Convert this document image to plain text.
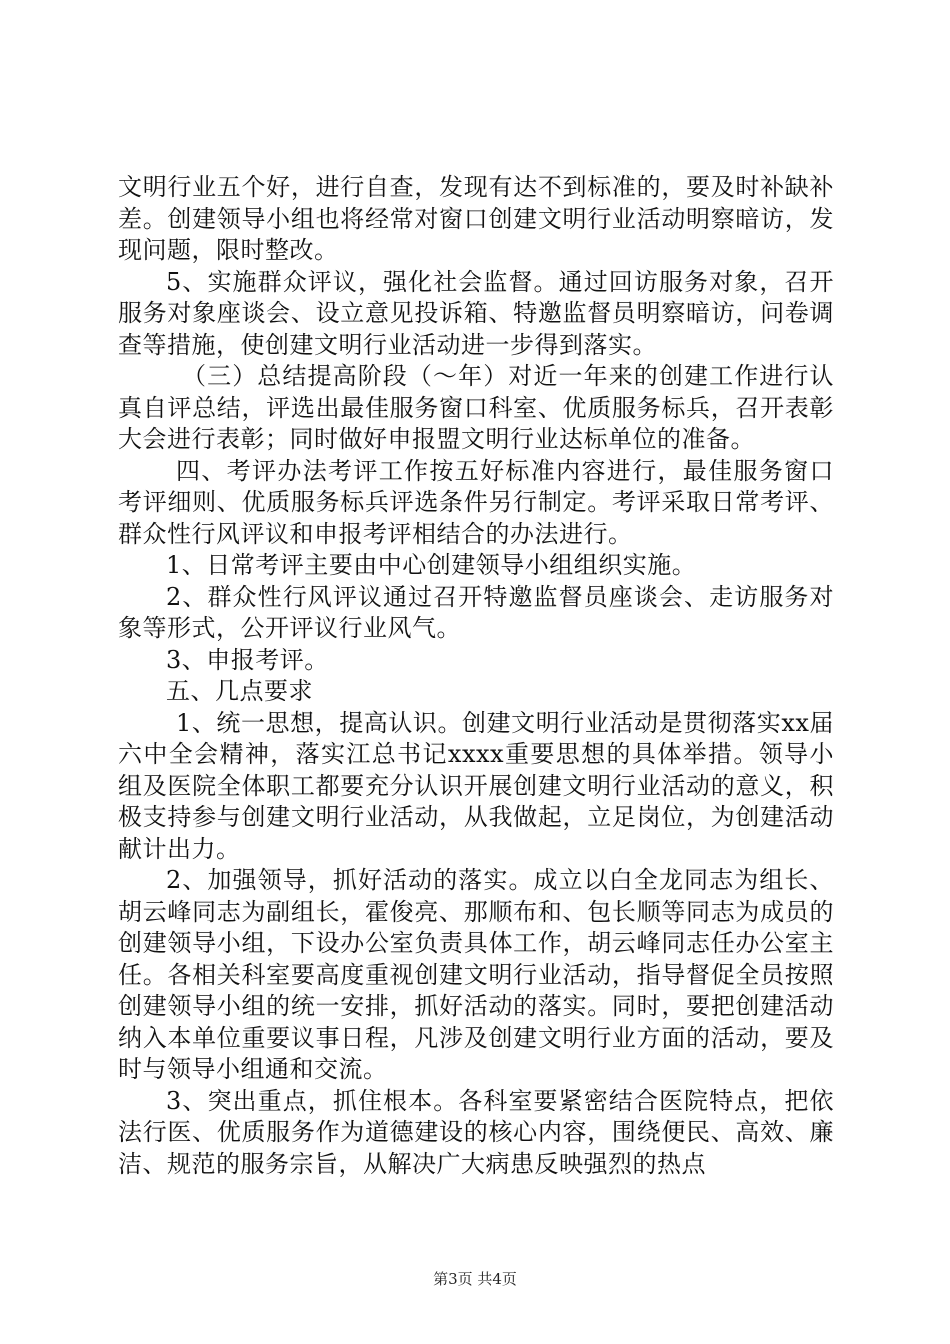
文明行业五个好，进行自查，发现有达不到标准的，要及时补缺补差。创建领导小组也将经常对窗口创建文明行业活动明察暗访，发现问题，限时整改。

5、实施群众评议，强化社会监督。通过回访服务对象，召开服务对象座谈会、设立意见投诉箱、特邀监督员明察暗访，问卷调查等措施，使创建文明行业活动进一步得到落实。

（三）总结提高阶段（～年）对近一年来的创建工作进行认真自评总结，评选出最佳服务窗口科室、优质服务标兵，召开表彰大会进行表彰；同时做好申报盟文明行业达标单位的准备。

四、考评办法考评工作按五好标准内容进行，最佳服务窗口考评细则、优质服务标兵评选条件另行制定。考评采取日常考评、群众性行风评议和申报考评相结合的办法进行。

1、日常考评主要由中心创建领导小组组织实施。

2、群众性行风评议通过召开特邀监督员座谈会、走访服务对象等形式，公开评议行业风气。

3、申报考评。

五、几点要求

1、统一思想，提高认识。创建文明行业活动是贯彻落实xx届六中全会精神，落实江总书记xxxx重要思想的具体举措。领导小组及医院全体职工都要充分认识开展创建文明行业活动的意义，积极支持参与创建文明行业活动，从我做起，立足岗位，为创建活动献计出力。

2、加强领导，抓好活动的落实。成立以白全龙同志为组长、胡云峰同志为副组长，霍俊亮、那顺布和、包长顺等同志为成员的创建领导小组，下设办公室负责具体工作，胡云峰同志任办公室主任。各相关科室要高度重视创建文明行业活动，指导督促全员按照创建领导小组的统一安排，抓好活动的落实。同时，要把创建活动纳入本单位重要议事日程，凡涉及创建文明行业方面的活动，要及时与领导小组通和交流。

3、突出重点，抓住根本。各科室要紧密结合医院特点，把依法行医、优质服务作为道德建设的核心内容，围绕便民、高效、廉洁、规范的服务宗旨，从解决广大病患反映强烈的热点

第3页 共4页
